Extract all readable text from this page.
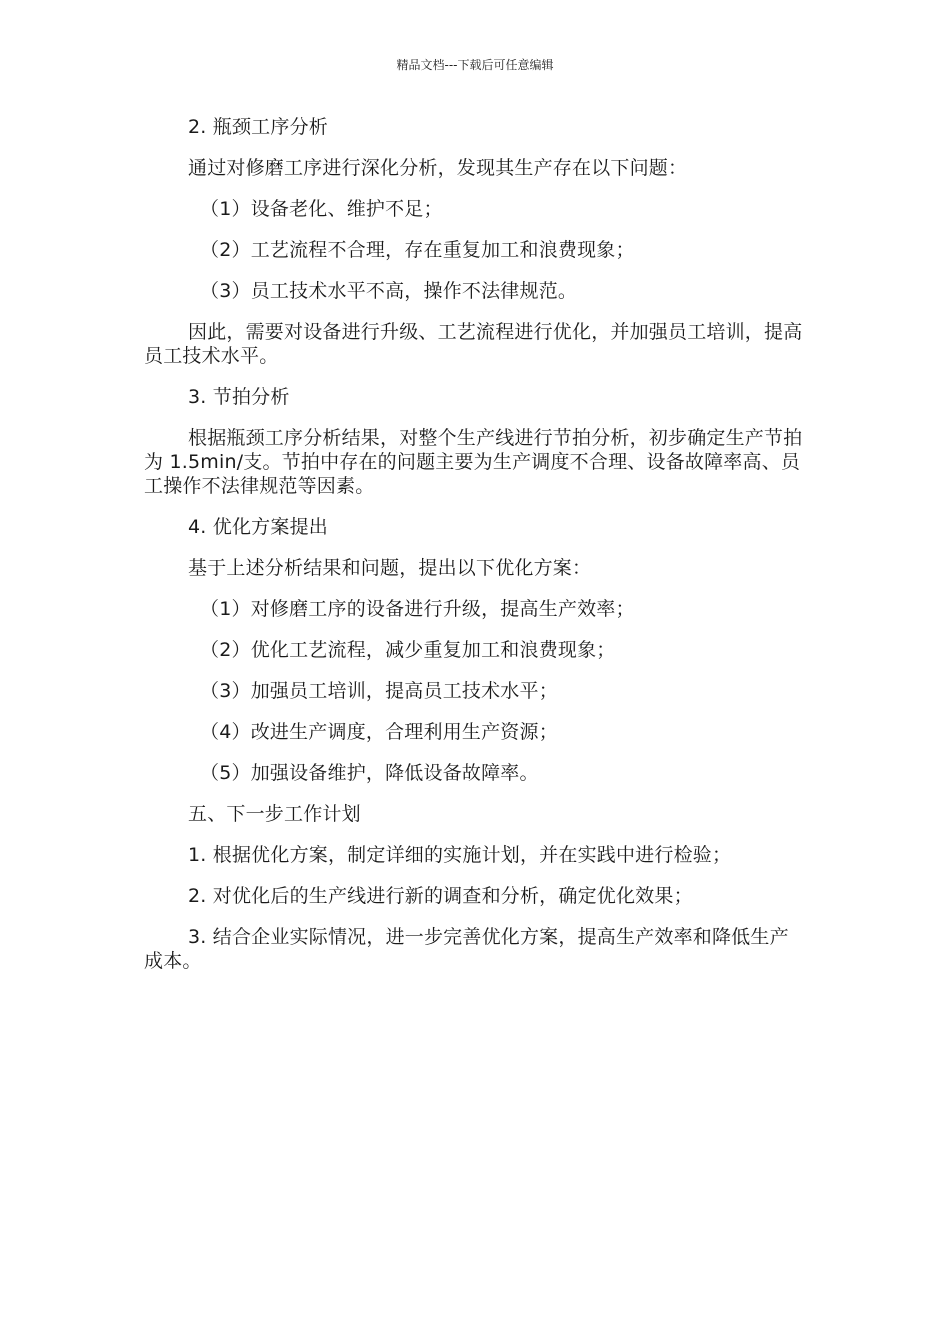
精品文档---下载后可任意编辑

2. 瓶颈工序分析

通过对修磨工序进行深化分析，发现其生产存在以下问题：

（1）设备老化、维护不足；

（2）工艺流程不合理，存在重复加工和浪费现象；

（3）员工技术水平不高，操作不法律规范。

因此，需要对设备进行升级、工艺流程进行优化，并加强员工培训，提高员工技术水平。

3. 节拍分析

根据瓶颈工序分析结果，对整个生产线进行节拍分析，初步确定生产节拍为 1.5min/支。节拍中存在的问题主要为生产调度不合理、设备故障率高、员工操作不法律规范等因素。

4. 优化方案提出

基于上述分析结果和问题，提出以下优化方案：

（1）对修磨工序的设备进行升级，提高生产效率；

（2）优化工艺流程，减少重复加工和浪费现象；

（3）加强员工培训，提高员工技术水平；

（4）改进生产调度，合理利用生产资源；

（5）加强设备维护，降低设备故障率。

五、下一步工作计划

1. 根据优化方案，制定详细的实施计划，并在实践中进行检验；

2. 对优化后的生产线进行新的调查和分析，确定优化效果；

3. 结合企业实际情况，进一步完善优化方案，提高生产效率和降低生产成本。
